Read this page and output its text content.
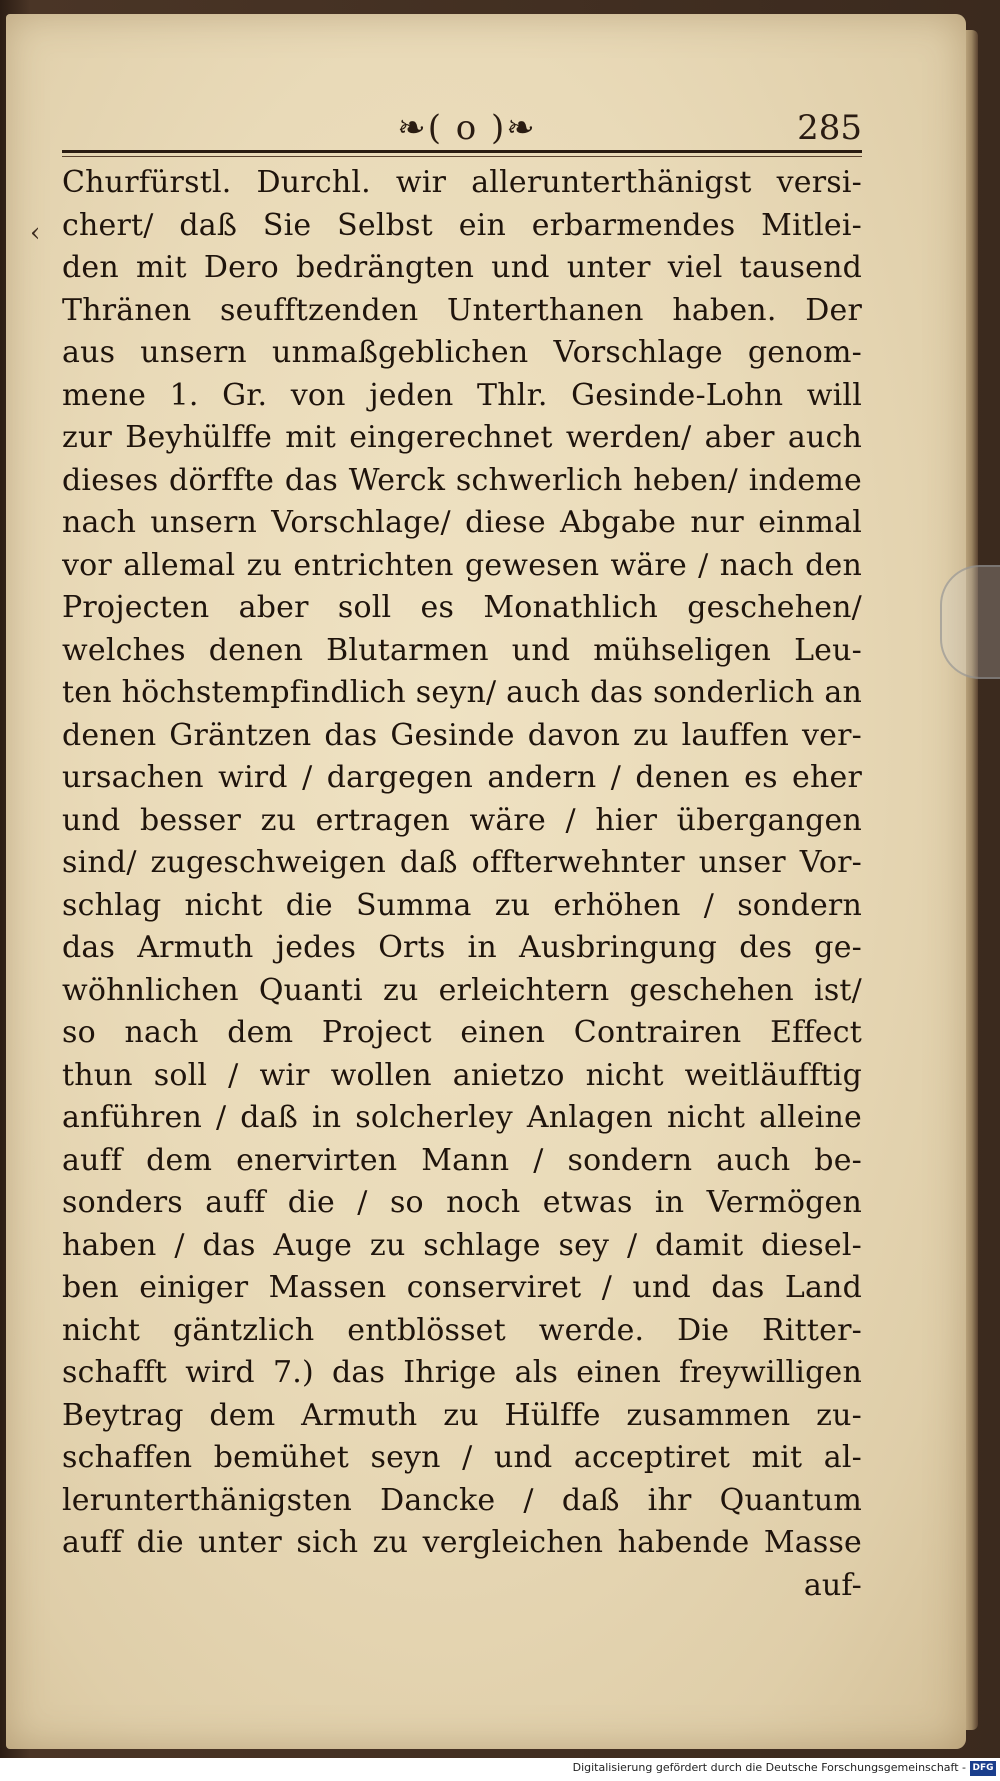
❧( o )❧	285
‹
Churfürstl. Durchl. wir allerunterthänigst versi-
chert/ daß Sie Selbst ein erbarmendes Mitlei-
den mit Dero bedrängten und unter viel tausend
Thränen seufftzenden Unterthanen haben. Der
aus unsern unmaßgeblichen Vorschlage genom-
mene 1. Gr. von jeden Thlr. Gesinde-Lohn will
zur Beyhülffe mit eingerechnet werden/ aber auch
dieses dörffte das Werck schwerlich heben/ indeme
nach unsern Vorschlage/ diese Abgabe nur einmal
vor allemal zu entrichten gewesen wäre / nach den
Projecten aber soll es Monathlich geschehen/
welches denen Blutarmen und mühseligen Leu-
ten höchstempfindlich seyn/ auch das sonderlich an
denen Gräntzen das Gesinde davon zu lauffen ver-
ursachen wird / dargegen andern / denen es eher
und besser zu ertragen wäre / hier übergangen
sind/ zugeschweigen daß offterwehnter unser Vor-
schlag nicht die Summa zu erhöhen / sondern
das Armuth jedes Orts in Ausbringung des ge-
wöhnlichen Quanti zu erleichtern geschehen ist/
so nach dem Project einen Contrairen Effect
thun soll / wir wollen anietzo nicht weitläufftig
anführen / daß in solcherley Anlagen nicht alleine
auff dem enervirten Mann / sondern auch be-
sonders auff die / so noch etwas in Vermögen
haben / das Auge zu schlage sey / damit diesel-
ben einiger Massen conserviret / und das Land
nicht gäntzlich entblösset werde. Die Ritter-
schafft wird 7.) das Ihrige als einen freywilligen
Beytrag dem Armuth zu Hülffe zusammen zu-
schaffen bemühet seyn / und acceptiret mit al-
lerunterthänigsten Dancke / daß ihr Quantum
auff die unter sich zu vergleichen habende Masse
auf-
Digitalisierung gefördert durch die Deutsche Forschungsgemeinschaft - DFG
